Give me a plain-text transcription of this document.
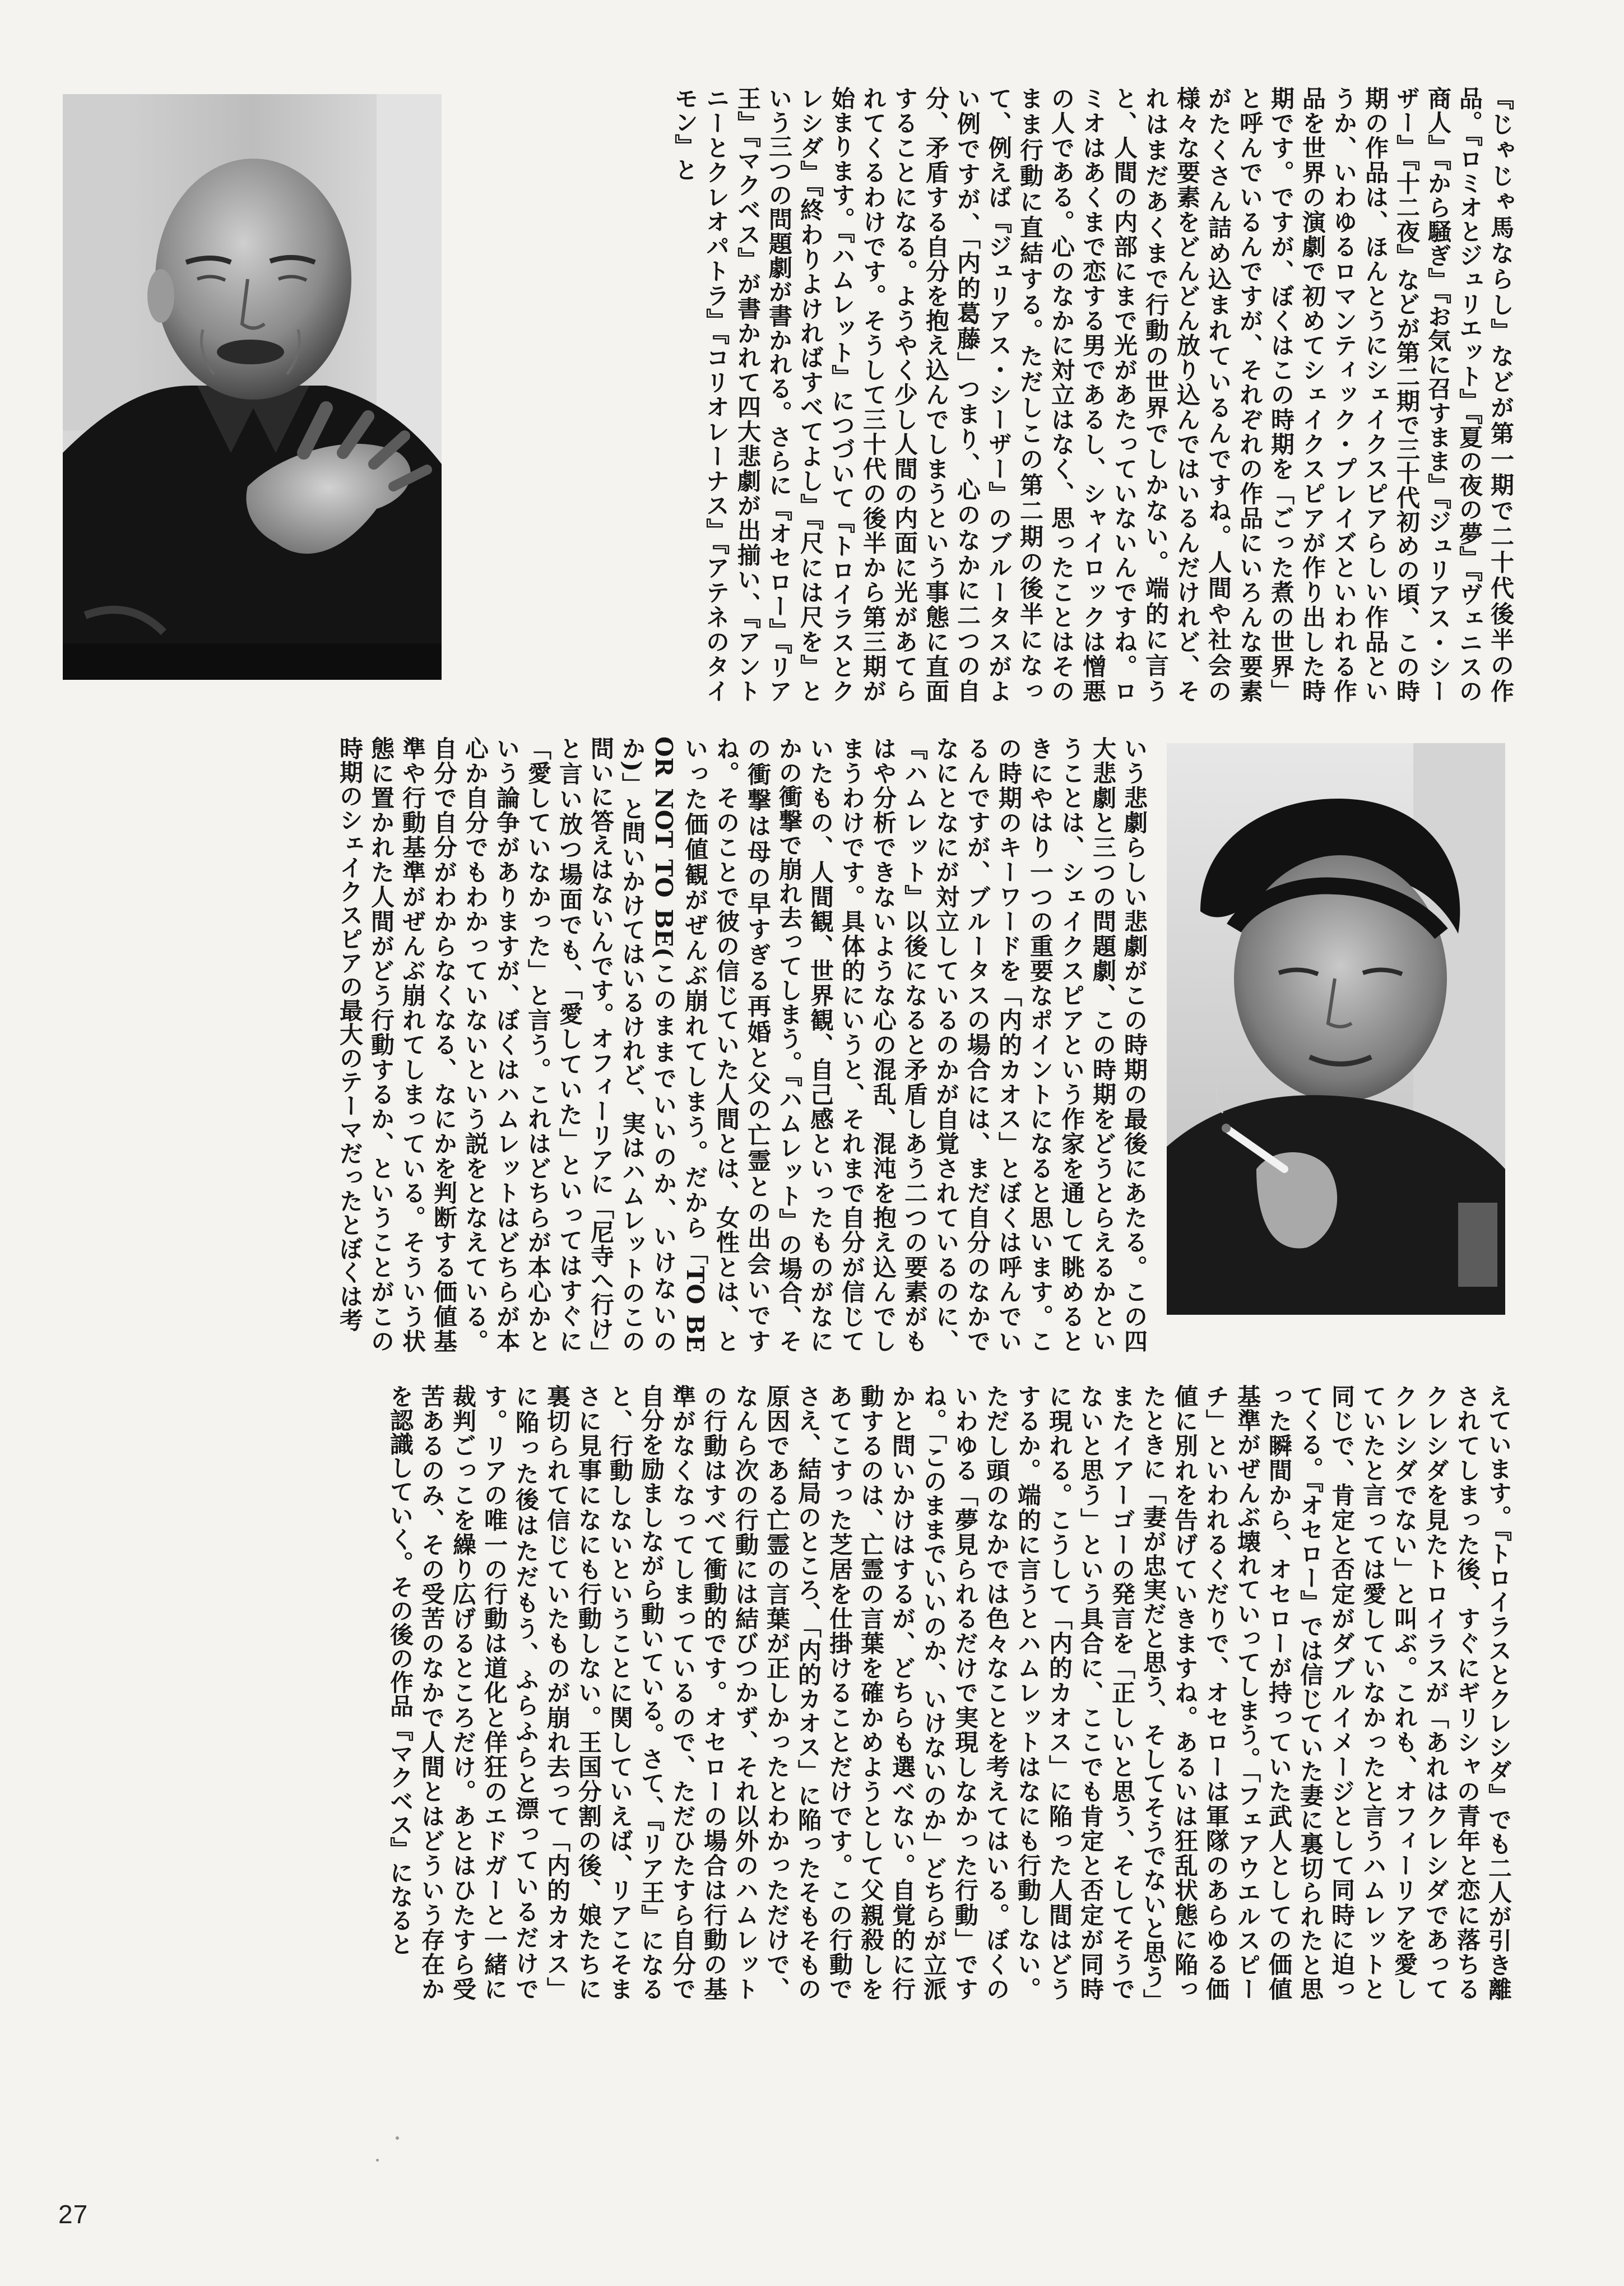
『じゃじゃ馬ならし』などが第一期で二十代後半の作品。『ロミオとジュリエット』『夏の夜の夢』『ヴェニスの商人』『から騒ぎ』『お気に召すまま』『ジュリアス・シーザー』『十二夜』などが第二期で三十代初めの頃、この時期の作品は、ほんとうにシェイクスピアらしい作品というか、いわゆるロマンティック・プレイズといわれる作品を世界の演劇で初めてシェイクスピアが作り出した時期です。ですが、ぼくはこの時期を「ごった煮の世界」と呼んでいるんですが、それぞれの作品にいろんな要素がたくさん詰め込まれているんですね。人間や社会の様々な要素をどんどん放り込んではいるんだけれど、それはまだあくまで行動の世界でしかない。端的に言うと、人間の内部にまで光があたっていないんですね。ロミオはあくまで恋する男であるし、シャイロックは憎悪の人である。心のなかに対立はなく、思ったことはそのまま行動に直結する。ただしこの第二期の後半になって、例えば『ジュリアス・シーザー』のブルータスがよい例ですが、「内的葛藤」つまり、心のなかに二つの自分、矛盾する自分を抱え込んでしまうという事態に直面することになる。ようやく少し人間の内面に光があてられてくるわけです。そうして三十代の後半から第三期が始まります。『ハムレット』につづいて『トロイラスとクレシダ』『終わりよければすべてよし』『尺には尺を』という三つの問題劇が書かれる。さらに『オセロー』『リア王』『マクベス』が書かれて四大悲劇が出揃い、『アントニーとクレオパトラ』『コリオレーナス』『アテネのタイモン』と

いう悲劇らしい悲劇がこの時期の最後にあたる。この四大悲劇と三つの問題劇、この時期をどうとらえるかということは、シェイクスピアという作家を通して眺めるときにやはり一つの重要なポイントになると思います。この時期のキーワードを「内的カオス」とぼくは呼んでいるんですが、ブルータスの場合には、まだ自分のなかでなにとなにが対立しているのかが自覚されているのに、『ハムレット』以後になると矛盾しあう二つの要素がもはや分析できないような心の混乱、混沌を抱え込んでしまうわけです。具体的にいうと、それまで自分が信じていたもの、人間観、世界観、自己感といったものがなにかの衝撃で崩れ去ってしまう。『ハムレット』の場合、その衝撃は母の早すぎる再婚と父の亡霊との出会いですね。そのことで彼の信じていた人間とは、女性とは、といった価値観がぜんぶ崩れてしまう。だから「TO BE OR NOT TO BE(このままでいいのか、いけないのか)」と問いかけてはいるけれど、実はハムレットのこの問いに答えはないんです。オフィーリアに「尼寺へ行け」と言い放つ場面でも、「愛していた」といってはすぐに「愛していなかった」と言う。これはどちらが本心かという論争がありますが、ぼくはハムレットはどちらが本心か自分でもわかっていないという説をとなえている。自分で自分がわからなくなる、なにかを判断する価値基準や行動基準がぜんぶ崩れてしまっている。そういう状態に置かれた人間がどう行動するか、ということがこの時期のシェイクスピアの最大のテーマだったとぼくは考

えています。『トロイラスとクレシダ』でも二人が引き離されてしまった後、すぐにギリシャの青年と恋に落ちるクレシダを見たトロイラスが「あれはクレシダであってクレシダでない」と叫ぶ。これも、オフィーリアを愛していたと言っては愛していなかったと言うハムレットと同じで、肯定と否定がダブルイメージとして同時に迫ってくる。『オセロー』では信じていた妻に裏切られたと思った瞬間から、オセローが持っていた武人としての価値基準がぜんぶ壊れていってしまう。「フェアウエルスピーチ」といわれるくだりで、オセローは軍隊のあらゆる価値に別れを告げていきますね。あるいは狂乱状態に陥ったときに「妻が忠実だと思う、そしてそうでないと思う」またイアーゴーの発言を「正しいと思う、そしてそうでないと思う」という具合に、ここでも肯定と否定が同時に現れる。こうして「内的カオス」に陥った人間はどうするか。端的に言うとハムレットはなにも行動しない。ただし頭のなかでは色々なことを考えてはいる。ぼくのいわゆる「夢見られるだけで実現しなかった行動」ですね。「このままでいいのか、いけないのか」どちらが立派かと問いかけはするが、どちらも選べない。自覚的に行動するのは、亡霊の言葉を確かめようとして父親殺しをあてこすった芝居を仕掛けることだけです。この行動でさえ、結局のところ、「内的カオス」に陥ったそもそもの原因である亡霊の言葉が正しかったとわかっただけで、なんら次の行動には結びつかず、それ以外のハムレットの行動はすべて衝動的です。オセローの場合は行動の基準がなくなってしまっているので、ただひたすら自分で自分を励ましながら動いている。さて、『リア王』になると、行動しないということに関していえば、リアこそまさに見事になにも行動しない。王国分割の後、娘たちに裏切られて信じていたものが崩れ去って「内的カオス」に陥った後はただもう、ふらふらと漂っているだけです。リアの唯一の行動は道化と佯狂のエドガーと一緒に裁判ごっこを繰り広げるところだけ。あとはひたすら受苦あるのみ、その受苦のなかで人間とはどういう存在かを認識していく。その後の作品『マクベス』になると

27
